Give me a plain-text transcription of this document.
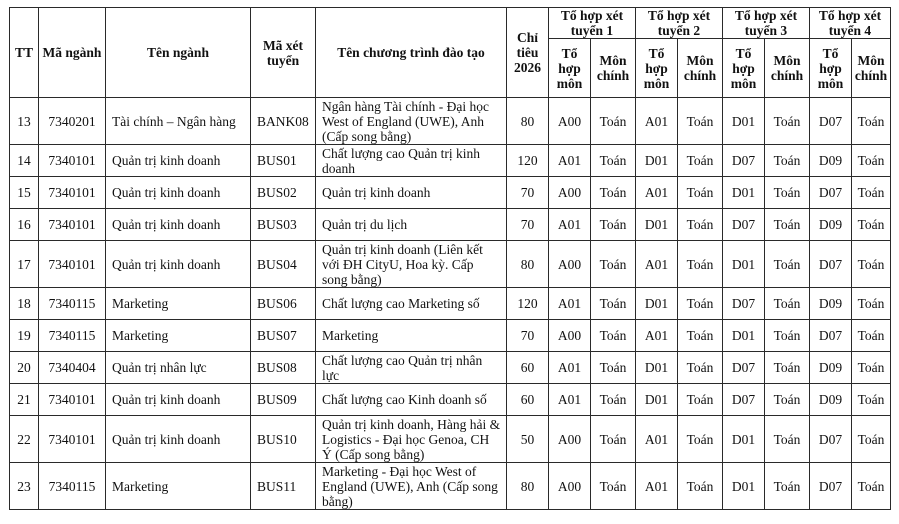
TT	Mã ngành	Tên ngành	Mã xét tuyển	Tên chương trình đào tạo	Chỉ tiêu 2026	Tổ hợp xét tuyển 1		Tổ hợp xét tuyển 2		Tổ hợp xét tuyển 3		Tổ hợp xét tuyển 4	
						Tổ hợp môn	Môn chính	Tổ hợp môn	Môn chính	Tổ hợp môn	Môn chính	Tổ hợp môn	Môn chính
13	7340201	Tài chính – Ngân hàng	BANK08	Ngân hàng Tài chính - Đại học West of England (UWE), Anh (Cấp song bằng)	80	A00	Toán	A01	Toán	D01	Toán	D07	Toán
14	7340101	Quản trị kinh doanh	BUS01	Chất lượng cao Quản trị kinh doanh	120	A01	Toán	D01	Toán	D07	Toán	D09	Toán
15	7340101	Quản trị kinh doanh	BUS02	Quản trị kinh doanh	70	A00	Toán	A01	Toán	D01	Toán	D07	Toán
16	7340101	Quản trị kinh doanh	BUS03	Quản trị du lịch	70	A01	Toán	D01	Toán	D07	Toán	D09	Toán
17	7340101	Quản trị kinh doanh	BUS04	Quản trị kinh doanh (Liên kết với ĐH CityU, Hoa kỳ. Cấp song bằng)	80	A00	Toán	A01	Toán	D01	Toán	D07	Toán
18	7340115	Marketing	BUS06	Chất lượng cao Marketing số	120	A01	Toán	D01	Toán	D07	Toán	D09	Toán
19	7340115	Marketing	BUS07	Marketing	70	A00	Toán	A01	Toán	D01	Toán	D07	Toán
20	7340404	Quản trị nhân lực	BUS08	Chất lượng cao Quản trị nhân lực	60	A01	Toán	D01	Toán	D07	Toán	D09	Toán
21	7340101	Quản trị kinh doanh	BUS09	Chất lượng cao Kinh doanh số	60	A01	Toán	D01	Toán	D07	Toán	D09	Toán
22	7340101	Quản trị kinh doanh	BUS10	Quản trị kinh doanh, Hàng hải & Logistics - Đại học Genoa, CH Ý (Cấp song bằng)	50	A00	Toán	A01	Toán	D01	Toán	D07	Toán
23	7340115	Marketing	BUS11	Marketing - Đại học West of England (UWE), Anh (Cấp song bằng)	80	A00	Toán	A01	Toán	D01	Toán	D07	Toán
